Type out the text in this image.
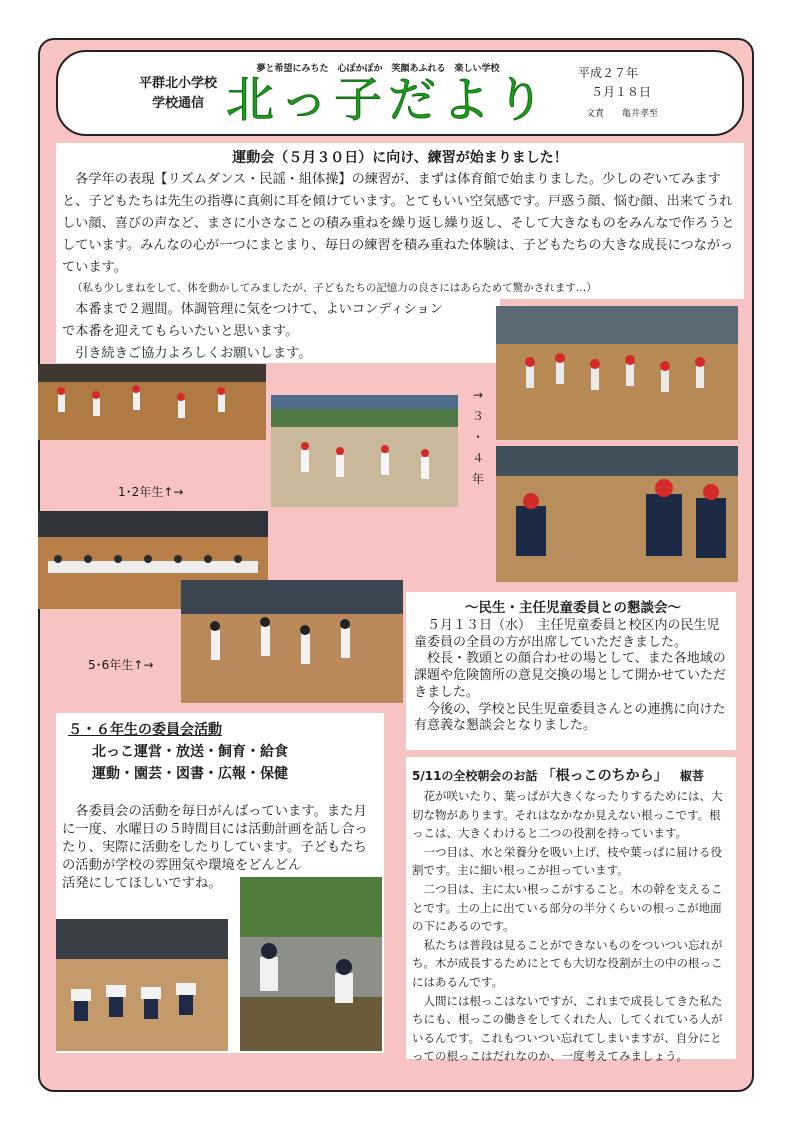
平群北小学校
学校通信
夢と希望にみちた　心ぽかぽか　笑顔あふれる　楽しい学校
北っ子だより	平成２７年
５月１８日
文責　　亀井孝至
運動会（５月３０日）に向け、練習が始まりました！
　各学年の表現【リズムダンス・民謡・組体操】の練習が、まずは体育館で始まりました。少しのぞいてみますと、子どもたちは先生の指導に真剣に耳を傾けています。とてもいい空気感です。戸惑う顔、悩む顔、出来てうれしい顔、喜びの声など、まさに小さなことの積み重ねを繰り返し繰り返し、そして大きなものをみんなで作ろうとしています。みんなの心が一つにまとまり、毎日の練習を積み重ねた体験は、子どもたちの大きな成長につながっています。
（私も少しまねをして、体を動かしてみましたが、子どもたちの記憶力の良さにはあらためて驚かされます…）
　本番まで２週間。体調管理に気をつけて、よいコンディション
で本番を迎えてもらいたいと思います。
　引き続きご協力よろしくお願いします。
1･2年生↑→
→
３
・
４
年
5･6年生↑→
～民生・主任児童委員との懇談会～
　５月１３日（水）　主任児童委員と校区内の民生児童委員の全員の方が出席していただきました。
　校長・教頭との顔合わせの場として、また各地域の課題や危険箇所の意見交換の場として開かせていただきました。
　今後の、学校と民生児童委員さんとの連携に向けた有意義な懇談会となりました。
５・６年生の委員会活動
北っこ運営・放送・飼育・給食
運動・園芸・図書・広報・保健
　各委員会の活動を毎日がんばっています。また月に一度、水曜日の５時間目には活動計画を話し合ったり、実際に活動をしたりしています。子どもたちの活動が学校の雰囲気や環境をどんどん
活発にしてほしいですね。
5/11の全校朝会のお話 「根っこのちから」 椒菩
　花が咲いたり、葉っぱが大きくなったりするためには、大切な物があります。それはなかなか見えない根っこです。根っこは、大きくわけると二つの役割を持っています。
　一つ目は、水と栄養分を吸い上げ、枝や葉っぱに届ける役割です。主に細い根っこが担っています。
　二つ目は、主に太い根っこがすること。木の幹を支えることです。土の上に出ている部分の半分くらいの根っこが地面の下にあるのです。
　私たちは普段は見ることができないものをついつい忘れがち。木が成長するためにとても大切な役割が土の中の根っこにはあるんです。
　人間には根っこはないですが、これまで成長してきた私たちにも、根っこの働きをしてくれた人、してくれている人がいるんです。これもついつい忘れてしまいますが、自分にとっての根っこはだれなのか、一度考えてみましょう。
